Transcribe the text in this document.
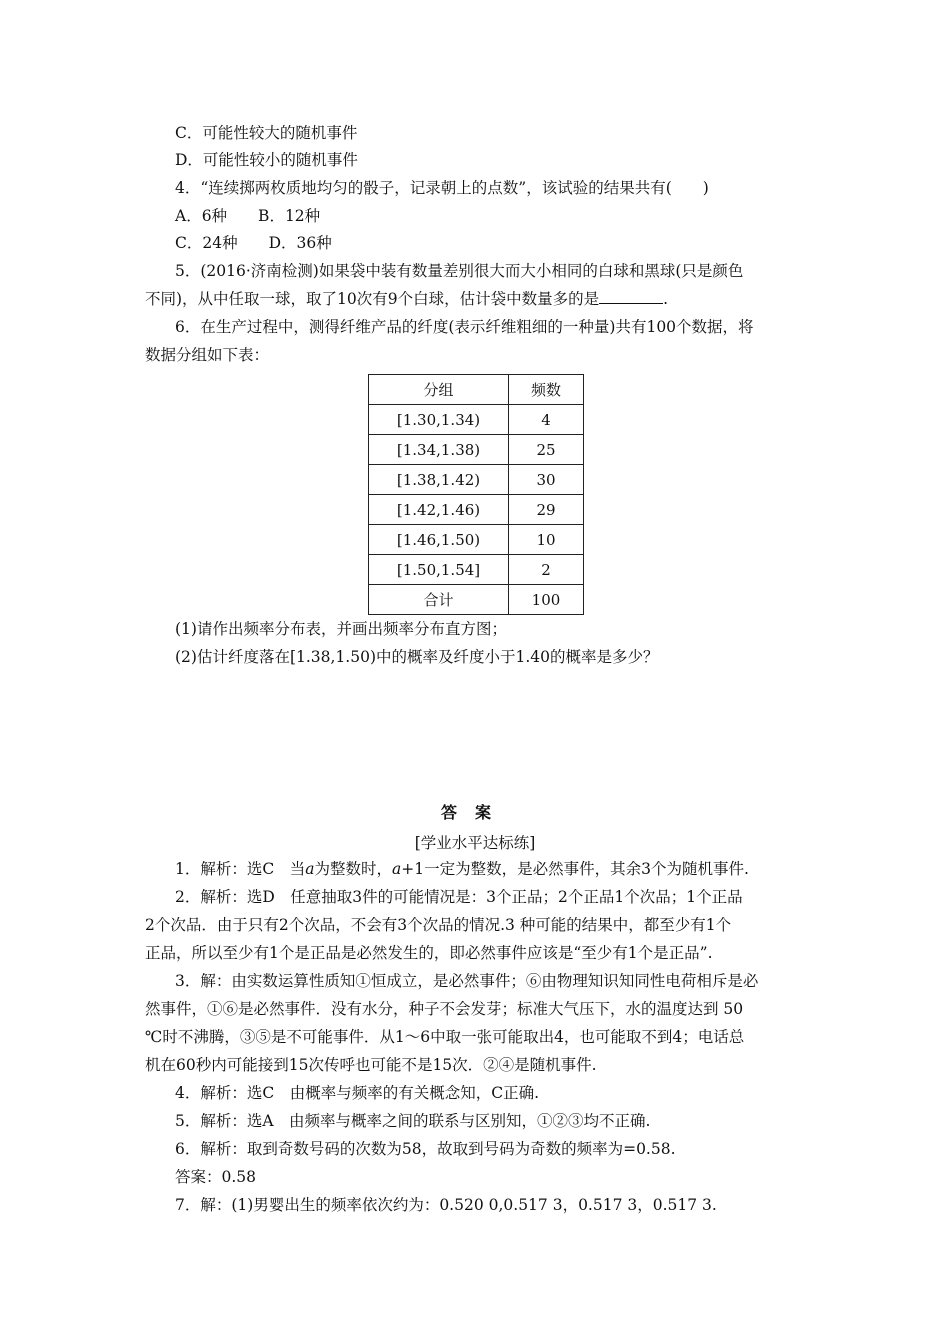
C．可能性较大的随机事件
D．可能性较小的随机事件
4．“连续掷两枚质地均匀的骰子，记录朝上的点数”，该试验的结果共有(　　)
A．6种　　B．12种
C．24种　　D．36种
5．(2016·济南检测)如果袋中装有数量差别很大而大小相同的白球和黑球(只是颜色
不同)，从中任取一球，取了10次有9个白球，估计袋中数量多的是	.
6．在生产过程中，测得纤维产品的纤度(表示纤维粗细的一种量)共有100个数据，将
数据分组如下表：
分组	频数
[1.30,1.34)	4
[1.34,1.38)	25
[1.38,1.42)	30
[1.42,1.46)	29
[1.46,1.50)	10
[1.50,1.54]	2
合计	100
(1)请作出频率分布表，并画出频率分布直方图；
(2)估计纤度落在[1.38,1.50)中的概率及纤度小于1.40的概率是多少？
答案
[学业水平达标练]
1．解析：选C　当a为整数时，a+1一定为整数，是必然事件，其余3个为随机事件.
2．解析：选D　任意抽取3件的可能情况是：3个正品；2个正品1个次品；1个正品
2个次品．由于只有2个次品，不会有3个次品的情况.3 种可能的结果中，都至少有1个
正品，所以至少有1个是正品是必然发生的，即必然事件应该是“至少有1个是正品”.
3．解：由实数运算性质知①恒成立，是必然事件；⑥由物理知识知同性电荷相斥是必
然事件，①⑥是必然事件．没有水分，种子不会发芽；标准大气压下，水的温度达到 50
℃时不沸腾，③⑤是不可能事件．从1～6中取一张可能取出4，也可能取不到4；电话总
机在60秒内可能接到15次传呼也可能不是15次．②④是随机事件.
4．解析：选C　由概率与频率的有关概念知，C正确.
5．解析：选A　由频率与概率之间的联系与区别知，①②③均不正确.
6．解析：取到奇数号码的次数为58，故取到号码为奇数的频率为=0.58.
答案：0.58
7．解：(1)男婴出生的频率依次约为：0.520 0,0.517 3，0.517 3，0.517 3.
